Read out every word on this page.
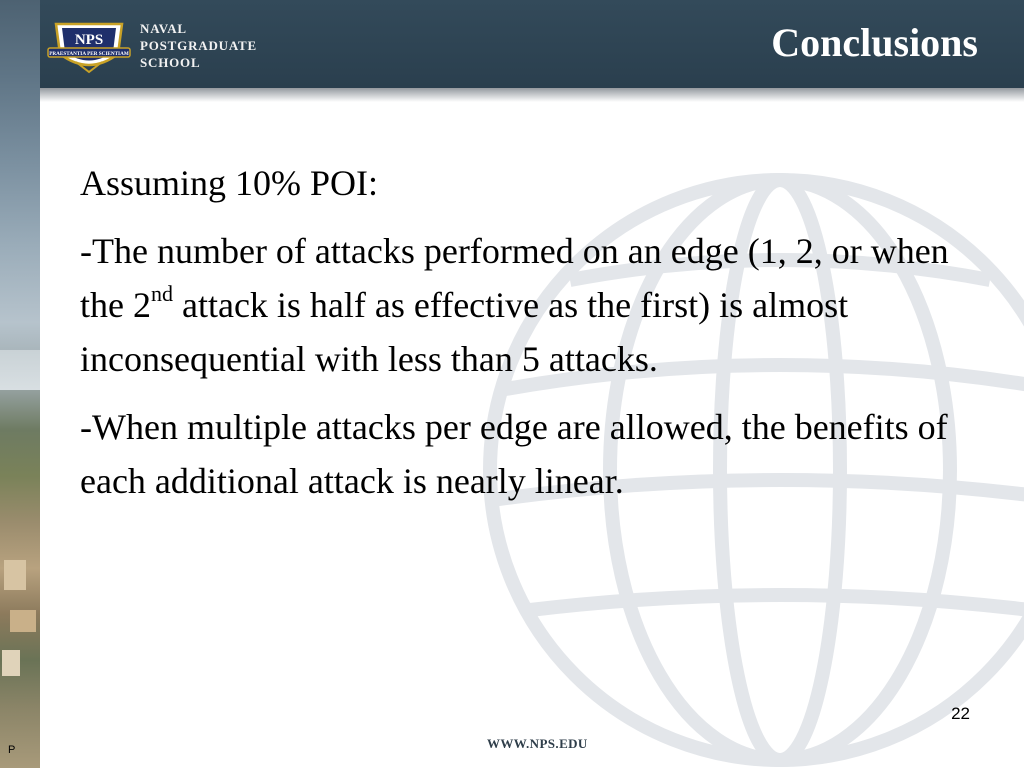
NPS
PRAESTANTIA PER SCIENTIAM
NAVAL
POSTGRADUATE
SCHOOL	Conclusions

Assuming 10% POI:

-The number of attacks performed on an edge (1, 2, or when the 2nd attack is half as effective as the first) is almost inconsequential with less than 5 attacks.

-When multiple attacks per edge are allowed, the benefits of each additional attack is nearly linear.

22
WWW.NPS.EDU
P
